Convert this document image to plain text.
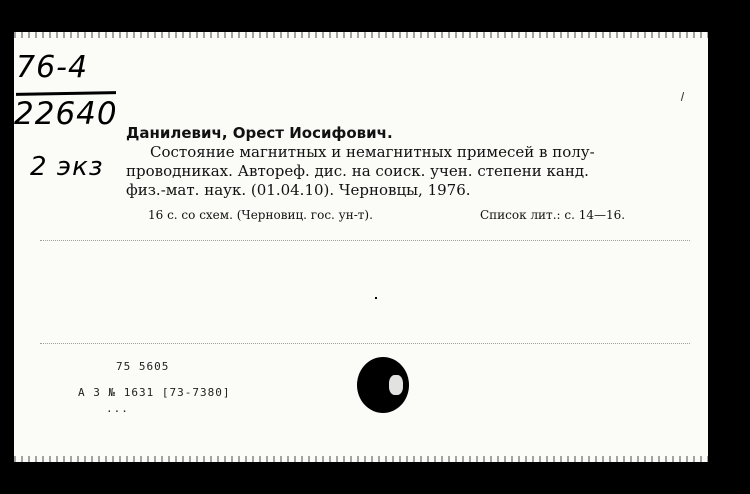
76-4
22640
2 экз
Данилевич, Орест Иосифович.
Состояние магнитных и немагнитных примесей в полу-
проводниках. Автореф. дис. на соиск. учен. степени канд.
физ.-мат. наук. (01.04.10). Черновцы, 1976.
16 с. со схем. (Черновиц. гос. ун-т).	Список лит.: с. 14—16.
75 5605
А 3 № 1631 [73-7380]
...
